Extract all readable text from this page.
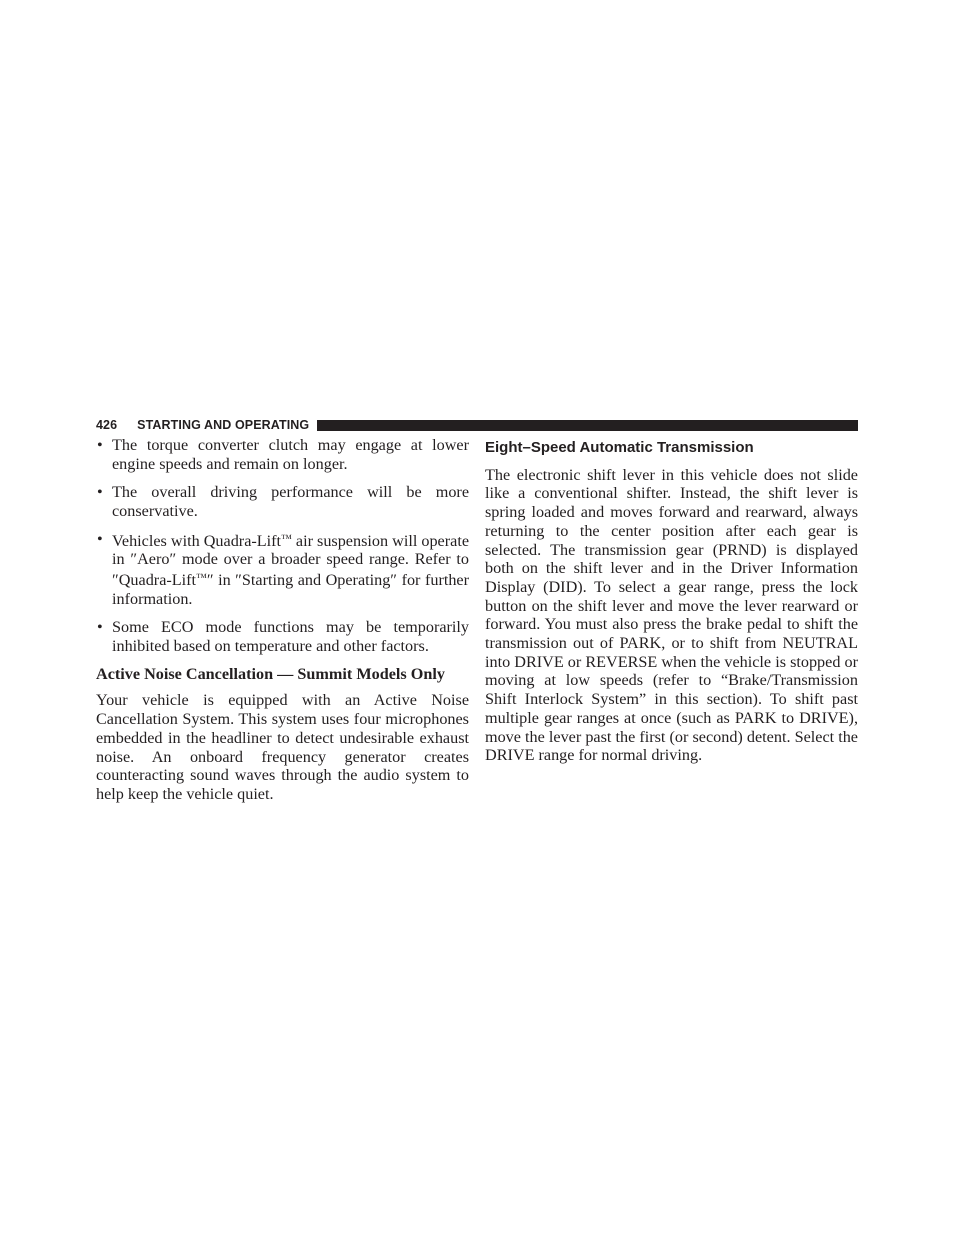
426	STARTING AND OPERATING
• The torque converter clutch may engage at lower engine speeds and remain on longer.
• The overall driving performance will be more conservative.
• Vehicles with Quadra-Lift™ air suspension will operate in ″Aero″ mode over a broader speed range. Refer to ″Quadra-Lift™″ in ″Starting and Operating″ for further information.
• Some ECO mode functions may be temporarily inhibited based on temperature and other factors.
Active Noise Cancellation — Summit Models Only

Your vehicle is equipped with an Active Noise Cancellation System. This system uses four microphones embedded in the headliner to detect undesirable exhaust noise. An onboard frequency generator creates counteracting sound waves through the audio system to help keep the vehicle quiet.

Eight–Speed Automatic Transmission

The electronic shift lever in this vehicle does not slide like a conventional shifter. Instead, the shift lever is spring loaded and moves forward and rearward, always returning to the center position after each gear is selected. The transmission gear (PRND) is displayed both on the shift lever and in the Driver Information Display (DID). To select a gear range, press the lock button on the shift lever and move the lever rearward or forward. You must also press the brake pedal to shift the transmission out of PARK, or to shift from NEUTRAL into DRIVE or REVERSE when the vehicle is stopped or moving at low speeds (refer to “Brake/Transmission Shift Interlock System” in this section). To shift past multiple gear ranges at once (such as PARK to DRIVE), move the lever past the first (or second) detent. Select the DRIVE range for normal driving.
